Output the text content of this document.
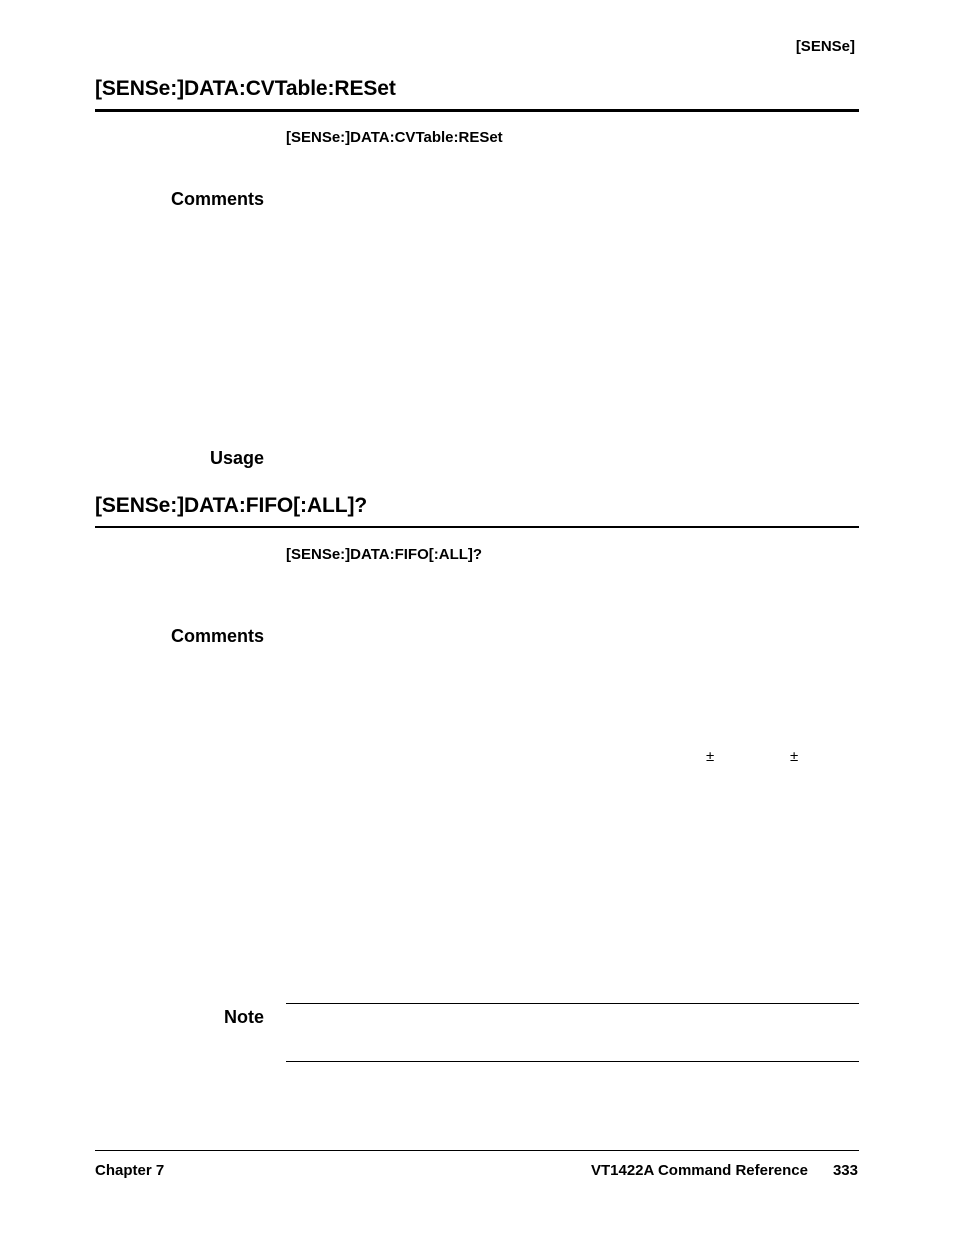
[SENSe]
[SENSe:]DATA:CVTable:RESet
[SENSe:]DATA:CVTable:RESet
Comments
Usage
[SENSe:]DATA:FIFO[:ALL]?
[SENSe:]DATA:FIFO[:ALL]?
Comments
±	±
Note
Chapter 7	VT1422A Command Reference 333
